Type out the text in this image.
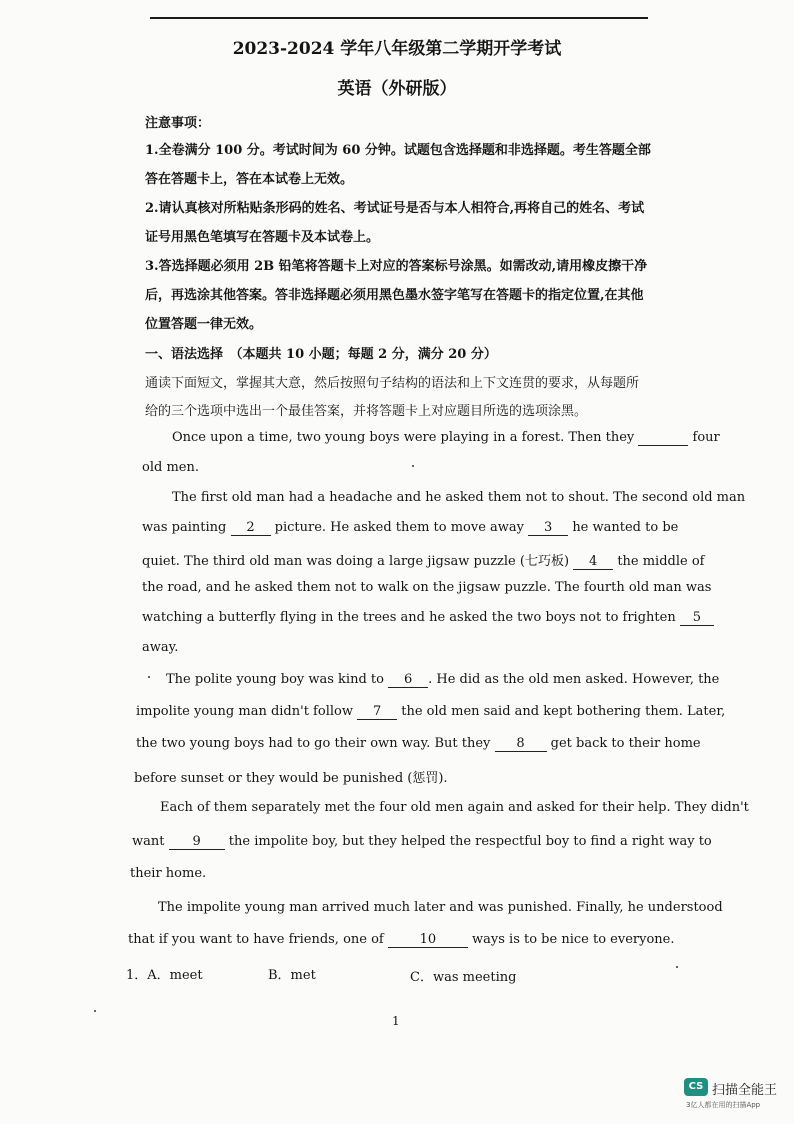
2023-2024 学年八年级第二学期开学考试
英语（外研版）
注意事项：
1.全卷满分 100 分。考试时间为 60 分钟。试题包含选择题和非选择题。考生答题全部
答在答题卡上，答在本试卷上无效。
2.请认真核对所粘贴条形码的姓名、考试证号是否与本人相符合,再将自己的姓名、考试
证号用黑色笔填写在答题卡及本试卷上。
3.答选择题必须用 2B 铅笔将答题卡上对应的答案标号涂黑。如需改动,请用橡皮擦干净
后，再选涂其他答案。答非选择题必须用黑色墨水签字笔写在答题卡的指定位置,在其他
位置答题一律无效。
一、语法选择　（本题共 10 小题；每题 2 分，满分 20 分）
通读下面短文，掌握其大意，然后按照句子结构的语法和上下文连贯的要求，从每题所
给的三个选项中选出一个最佳答案，并将答题卡上对应题目所选的选项涂黑。
Once upon a time, two young boys were playing in a forest. Then they	four
old men.
The first old man had a headache and he asked them not to shout. The second old man
was painting 2 picture. He asked them to move away 3 he wanted to be
quiet. The third old man was doing a large jigsaw puzzle (七巧板) 4 the middle of
the road, and he asked them not to walk on the jigsaw puzzle. The fourth old man was
watching a butterfly flying in the trees and he asked the two boys not to frighten 5
away.
The polite young boy was kind to 6 . He did as the old men asked. However, the
impolite young man didn't follow 7 the old men said and kept bothering them. Later,
the two young boys had to go their own way. But they 8 get back to their home
before sunset or they would be punished (惩罚).
Each of them separately met the four old men again and asked for their help. They didn't
want 9 the impolite boy, but they helped the respectful boy to find a right way to
their home.
The impolite young man arrived much later and was punished. Finally, he understood
that if you want to have friends, one of	10	ways is to be nice to everyone.
1．A．meet	B．met	C．was meeting
1
CS 扫描全能王
3亿人都在用的扫描App
